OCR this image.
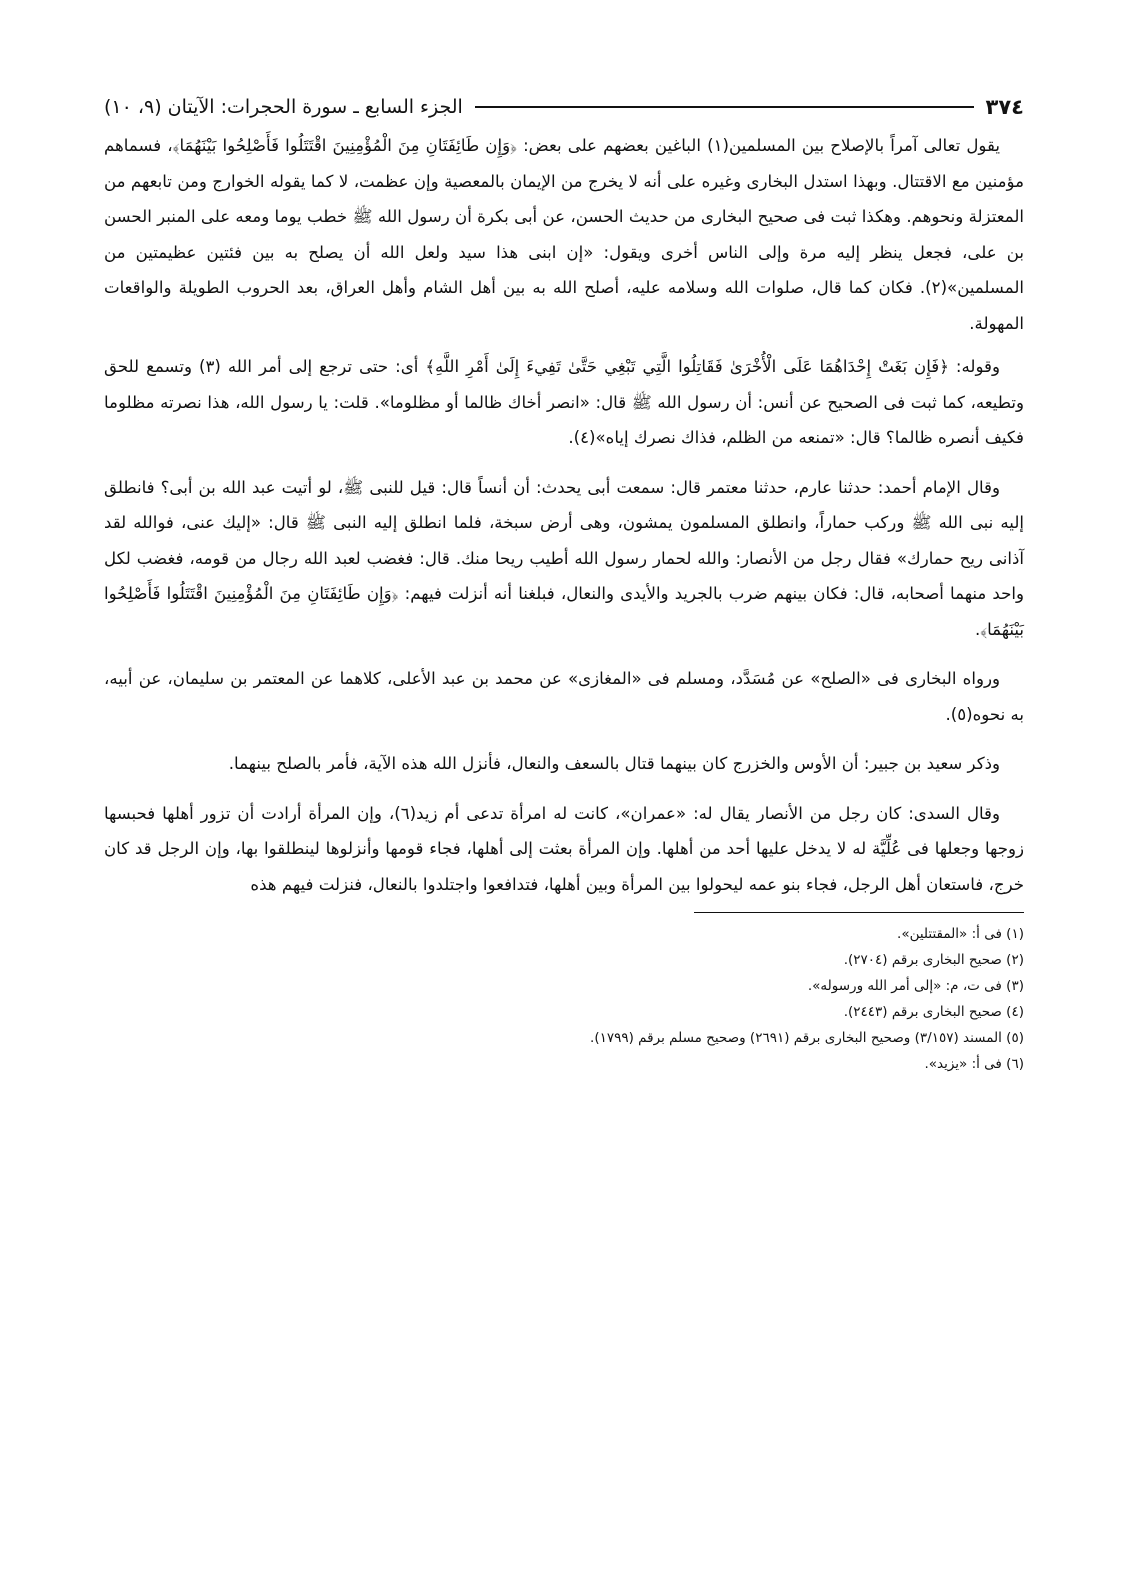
٣٧٤
الجزء السابع ـ سورة الحجرات: الآيتان (٩، ١٠)

يقول تعالى آمراً بالإصلاح بين المسلمين(١) الباغين بعضهم على بعض: ﴿وَإِن طَائِفَتَانِ مِنَ الْمُؤْمِنِينَ اقْتَتَلُوا فَأَصْلِحُوا بَيْنَهُمَا﴾، فسماهم مؤمنين مع الاقتتال. وبهذا استدل البخارى وغيره على أنه لا يخرج من الإيمان بالمعصية وإن عظمت، لا كما يقوله الخوارج ومن تابعهم من المعتزلة ونحوهم. وهكذا ثبت فى صحيح البخارى من حديث الحسن، عن أبى بكرة أن رسول الله ﷺ خطب يوما ومعه على المنبر الحسن بن على، فجعل ينظر إليه مرة وإلى الناس أخرى ويقول: «إن ابنى هذا سيد ولعل الله أن يصلح به بين فئتين عظيمتين من المسلمين»(٢). فكان كما قال، صلوات الله وسلامه عليه، أصلح الله به بين أهل الشام وأهل العراق، بعد الحروب الطويلة والواقعات المهولة.

وقوله: ﴿فَإِن بَغَتْ إِحْدَاهُمَا عَلَى الْأُخْرَىٰ فَقَاتِلُوا الَّتِي تَبْغِي حَتَّىٰ تَفِيءَ إِلَىٰ أَمْرِ اللَّهِ﴾ أى: حتى ترجع إلى أمر الله (٣) وتسمع للحق وتطيعه، كما ثبت فى الصحيح عن أنس: أن رسول الله ﷺ قال: «انصر أخاك ظالما أو مظلوما». قلت: يا رسول الله، هذا نصرته مظلوما فكيف أنصره ظالما؟ قال: «تمنعه من الظلم، فذاك نصرك إياه»(٤).

وقال الإمام أحمد: حدثنا عارم، حدثنا معتمر قال: سمعت أبى يحدث: أن أنساً قال: قيل للنبى ﷺ، لو أتيت عبد الله بن أبى؟ فانطلق إليه نبى الله ﷺ وركب حماراً، وانطلق المسلمون يمشون، وهى أرض سبخة، فلما انطلق إليه النبى ﷺ قال: «إليك عنى، فوالله لقد آذانى ريح حمارك» فقال رجل من الأنصار: والله لحمار رسول الله أطيب ريحا منك. قال: فغضب لعبد الله رجال من قومه، فغضب لكل واحد منهما أصحابه، قال: فكان بينهم ضرب بالجريد والأيدى والنعال، فبلغنا أنه أنزلت فيهم: ﴿وَإِن طَائِفَتَانِ مِنَ الْمُؤْمِنِينَ اقْتَتَلُوا فَأَصْلِحُوا بَيْنَهُمَا﴾.

ورواه البخارى فى «الصلح» عن مُسَدَّد، ومسلم فى «المغازى» عن محمد بن عبد الأعلى، كلاهما عن المعتمر بن سليمان، عن أبيه، به نحوه(٥).

وذكر سعيد بن جبير: أن الأوس والخزرج كان بينهما قتال بالسعف والنعال، فأنزل الله هذه الآية، فأمر بالصلح بينهما.

وقال السدى: كان رجل من الأنصار يقال له: «عمران»، كانت له امرأة تدعى أم زيد(٦)، وإن المرأة أرادت أن تزور أهلها فحبسها زوجها وجعلها فى عُلِّيَّة له لا يدخل عليها أحد من أهلها. وإن المرأة بعثت إلى أهلها، فجاء قومها وأنزلوها لينطلقوا بها، وإن الرجل قد كان خرج، فاستعان أهل الرجل، فجاء بنو عمه ليحولوا بين المرأة وبين أهلها، فتدافعوا واجتلدوا بالنعال، فنزلت فيهم هذه

(١) فى أ: «المقتتلين».
(٢) صحيح البخارى برقم (٢٧٠٤).
(٣) فى ت، م: «إلى أمر الله ورسوله».
(٤) صحيح البخارى برقم (٢٤٤٣).
(٥) المسند (٣/١٥٧) وصحيح البخارى برقم (٢٦٩١) وصحيح مسلم برقم (١٧٩٩).
(٦) فى أ: «يزيد».
